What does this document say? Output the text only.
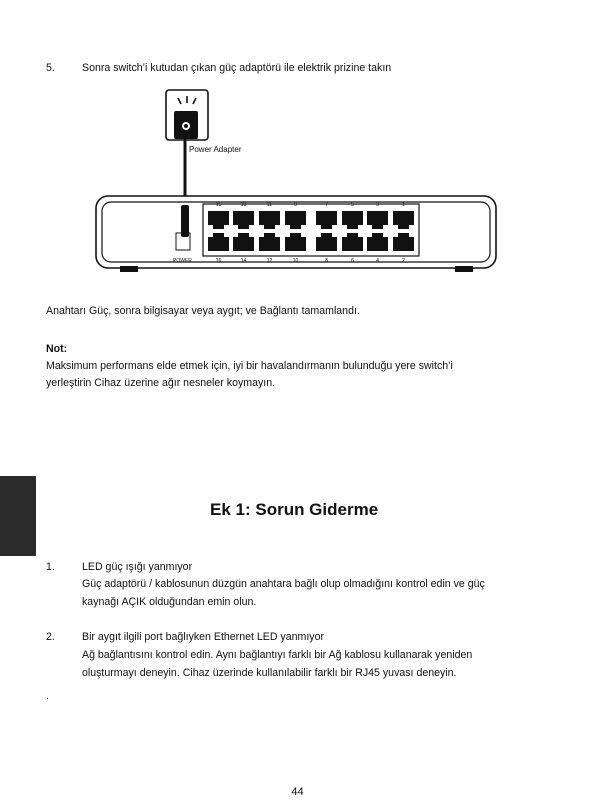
5.	Sonra switch’i kutudan çıkan güç adaptörü ile elektrik prizine takın
Power Adapter
POWER
15	13	11	9	7	5	3	1
16	14	12	10	8	6	4	2
Anahtarı Güç, sonra bilgisayar veya aygıt; ve Bağlantı tamamlandı.
Not:
Maksimum performans elde etmek için, iyi bir havalandırmanın bulunduğu yere switch’i
yerleştirin Cihaz üzerine ağır nesneler koymayın.
Ek 1: Sorun Giderme
1.	LED güç ışığı yanmıyor
Güç adaptörü / kablosunun düzgün anahtara bağlı olup olmadığını kontrol edin ve güç
kaynağı AÇIK olduğundan emin olun.
2.	Bir aygıt ilgili port bağlıyken Ethernet LED yanmıyor
Ağ bağlantısını kontrol edin. Aynı bağlantıyı farklı bir Ağ kablosu kullanarak yeniden
oluşturmayı deneyin. Cihaz üzerinde kullanılabilir farklı bir RJ45 yuvası deneyin.
.
44
